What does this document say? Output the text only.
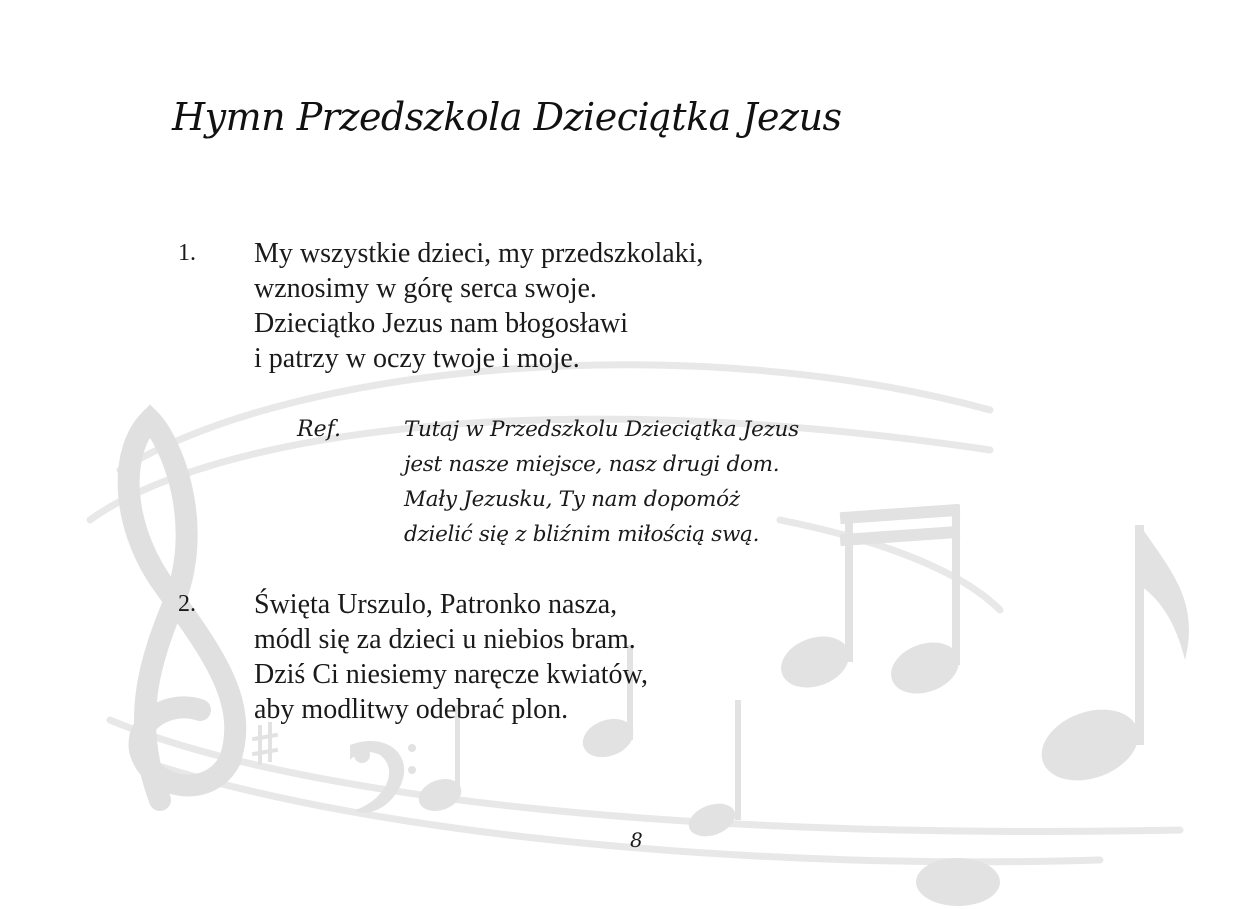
Hymn Przedszkola Dzieciątka Jezus
1. My wszystkie dzieci, my przedszkolaki,
wznosimy w górę serca swoje.
Dzieciątko Jezus nam błogosławi
i patrzy w oczy twoje i moje.
Ref.	Tutaj w Przedszkolu Dzieciątka Jezus
jest nasze miejsce, nasz drugi dom.
Mały Jezusku, Ty nam dopomóż
dzielić się z bliźnim miłością swą.
2. Święta Urszulo, Patronko nasza,
módl się za dzieci u niebios bram.
Dziś Ci niesiemy naręcze kwiatów,
aby modlitwy odebrać plon.
8
